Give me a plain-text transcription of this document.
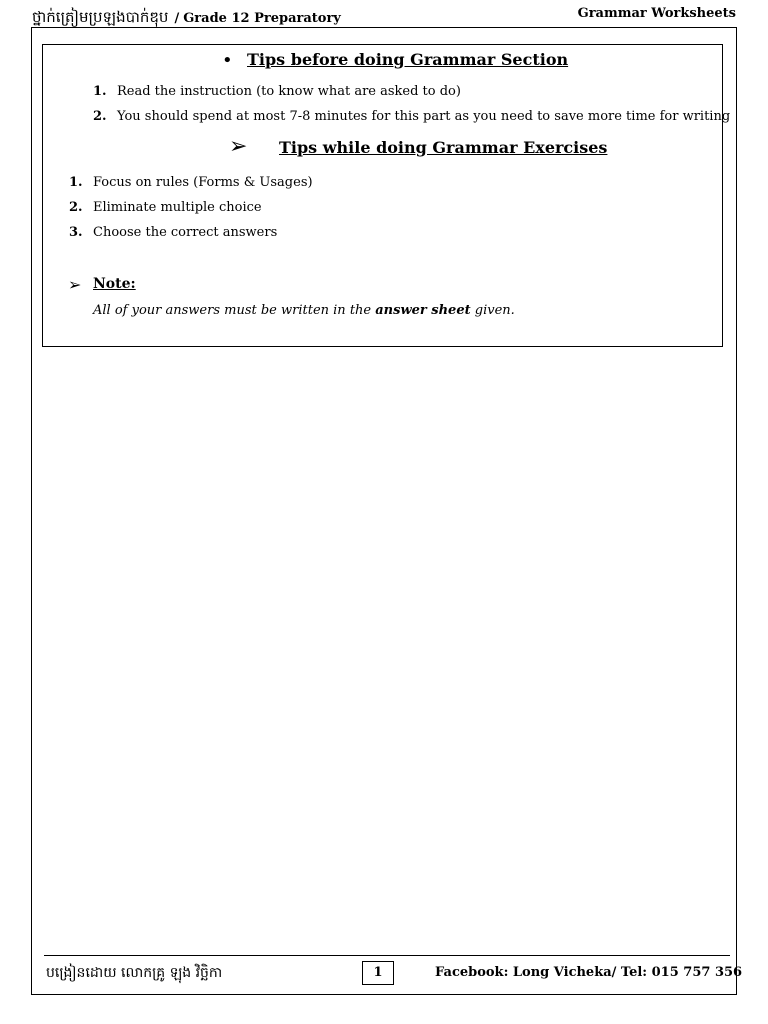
ថ្នាក់ត្រៀមប្រឡងបាក់ឌុប / Grade 12 Preparatory	Grammar Worksheets
• Tips before doing Grammar Section
1. Read the instruction (to know what are asked to do)
2. You should spend at most 7-8 minutes for this part as you need to save more time for writing
➢ Tips while doing Grammar Exercises
1. Focus on rules (Forms & Usages)
2. Eliminate multiple choice
3. Choose the correct answers
➢ Note:
All of your answers must be written in the answer sheet given.
បង្រៀនដោយ លោកគ្រូ ឡុង វិច្ឆិកា	1	Facebook: Long Vicheka/ Tel: 015 757 356
